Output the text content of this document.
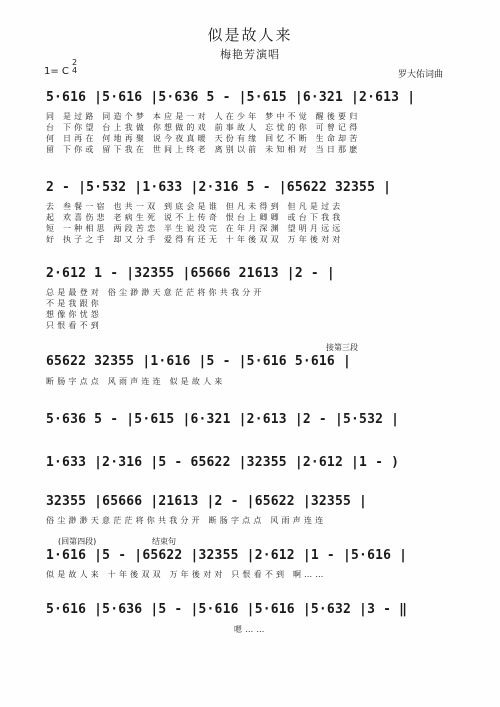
似是故人来
梅艳芳演唱
1= C
2
4	罗大佑词曲
5·616 |5·616 |5·636 5 - |5·615 |6·321 |2·613 |
同 是过路 同造个梦 本应是一对 人在少年 梦中不觉 醒後要归
台 下你望 台上我做 你想做的戏 前事故人 忘忧的你 可曾记得
何 日再在 何地再聚 说今夜真暖 天份有缘 回忆不断 生命却苦
留 下你或 留下我在 世间上终老 离别以前 未知相对 当日那麽
2 - |5·532 |1·633 |2·316 5 - |65622 32355 |
去 叁餐一宿 也共一双 到底会是谁 但凡未得到 但凡是过去
起 欢喜伤悲 老病生死 说不上传奇 恨台上卿卿 或台下我我
短 一种相思 两段苦恋 半生说没完 在年月深渊 望明月远远
好 执子之手 却又分手 爱得有还无 十年後双双 万年後对对
2·612 1 - |32355 |65666 21613 |2 - |
总是最登对 俗尘渺渺天意茫茫将你共我分开
不是我跟你
想像你忧怨
只恨看不到
接第三段
65622 32355 |1·616 |5 - |5·616 5·616 |
断肠字点点 风雨声连连 似是故人来
5·636 5 - |5·615 |6·321 |2·613 |2 - |5·532 |
1·633 |2·316 |5 - 65622 |32355 |2·612 |1 - )
32355 |65666 |21613 |2 - |65622 |32355 |
俗尘渺渺天意茫茫将你共我分开 断肠字点点 风雨声连连
(回第四段)	结束句
1·616 |5 - |65622 |32355 |2·612 |1 - |5·616 |
似是故人来 十年後双双 万年後对对 只恨看不到 啊……
5·616 |5·636 |5 - |5·616 |5·616 |5·632 |3 - ‖
嗯……
